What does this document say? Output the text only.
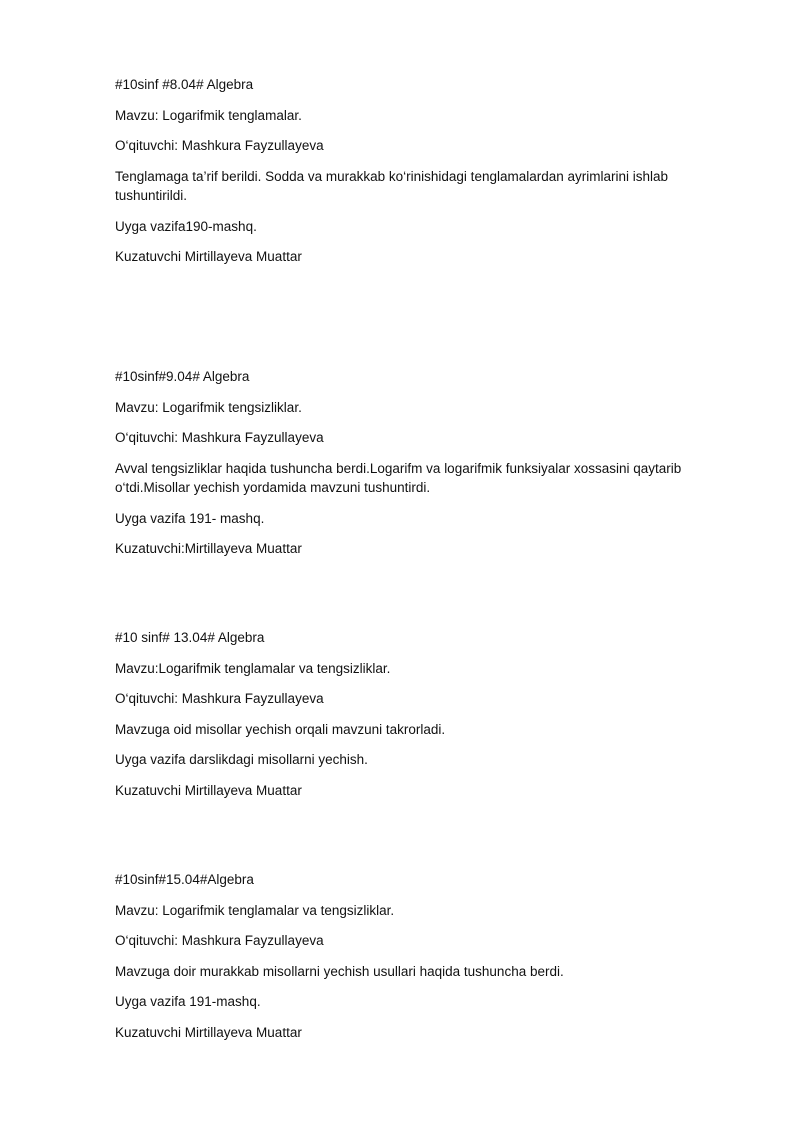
#10sinf #8.04# Algebra

Mavzu: Logarifmik tenglamalar.

O‘qituvchi: Mashkura Fayzullayeva

Tenglamaga ta’rif berildi. Sodda va murakkab ko‘rinishidagi tenglamalardan ayrimlarini ishlab tushuntirildi.

Uyga vazifa190-mashq.

Kuzatuvchi Mirtillayeva Muattar

#10sinf#9.04# Algebra

Mavzu: Logarifmik tengsizliklar.

O‘qituvchi: Mashkura Fayzullayeva

Avval tengsizliklar haqida tushuncha berdi.Logarifm va logarifmik funksiyalar xossasini qaytarib o‘tdi.Misollar yechish yordamida mavzuni tushuntirdi.

Uyga vazifa 191- mashq.

Kuzatuvchi:Mirtillayeva Muattar

#10 sinf# 13.04# Algebra

Mavzu:Logarifmik tenglamalar va tengsizliklar.

O‘qituvchi: Mashkura Fayzullayeva

Mavzuga oid misollar yechish orqali mavzuni takrorladi.

Uyga vazifa darslikdagi misollarni yechish.

Kuzatuvchi Mirtillayeva Muattar

#10sinf#15.04#Algebra

Mavzu: Logarifmik tenglamalar va tengsizliklar.

O‘qituvchi: Mashkura Fayzullayeva

Mavzuga doir murakkab misollarni yechish usullari haqida tushuncha berdi.

Uyga vazifa 191-mashq.

Kuzatuvchi Mirtillayeva Muattar
